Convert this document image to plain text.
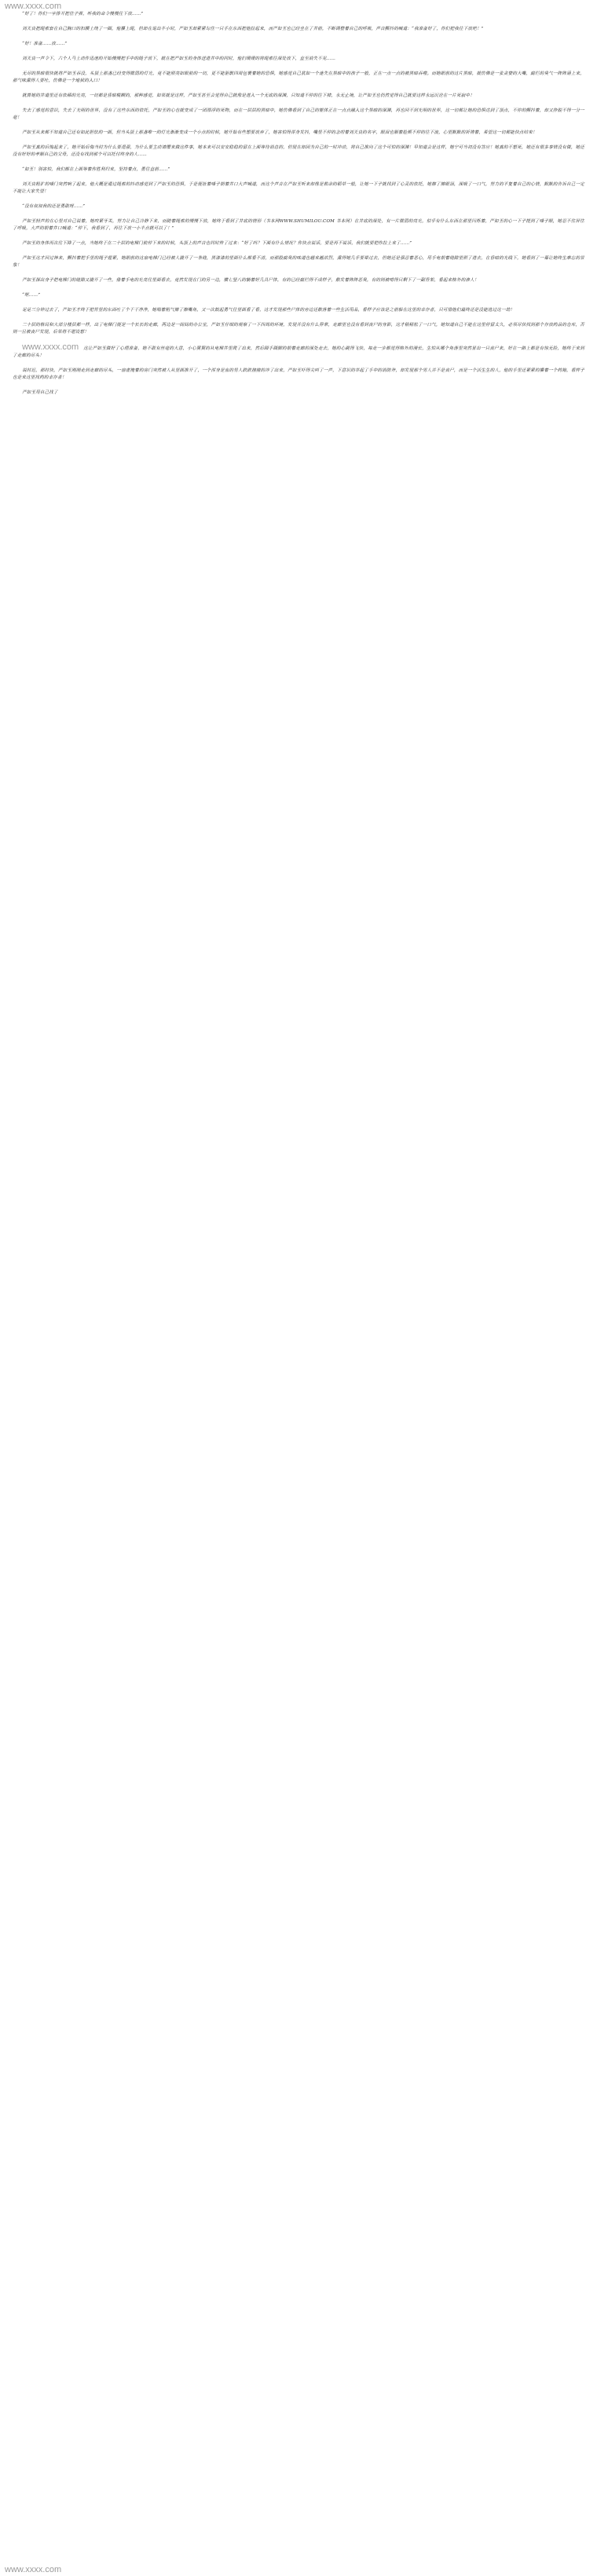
www.xxxx.com

“好了！你们一字排开把住子弹，听我的命令慢慢往下放……”

刘天良把绳索套在自己胸口的扣腰上绕了一圈，他攥上绳，但却在退出半小时，严如玉却紧紧勾住一只手在东西把他拉起来，而严如玉也已经坐在了井前，不断调整着自己的呼吸，声音颤抖的喊道：“我准备好了，你们把我往下放吧！”

“好！准备……放……”

刘天良一声令下，六个人马上动作迅速的开始慢慢把手中的绳子放下，就在把严如玉的身体送进井中的同时，他们缓缓的将绳索往深处放下，直至消失不见……

无尽的黑暗很快就将严如玉吞没，头顶上那盏已经变得微弱的灯光，竟不能照亮如眼前的一切，更不能驱散四周包裹着她的恐惧，她感觉自己犹如一个迷失在黑暗中的孩子一般，正在一点一点的被黑暗吞噬。而她眼前的这片黑暗，就仿佛是一张贪婪的大嘴，腐烂的臭气一阵阵涌上来，那气味熏得人要吐，仿佛是一个地狱的入口！

就算她的井道里还有依稀的光亮，一切都是昏暗模糊的，那种感觉，如果就是这样，严如玉甚至会觉得自己就像是进入一个无底的深渊，只知道不停的往下掉，永无止境，让严如玉也仍然觉得自己就要这样永远沉沦在一片死寂中！

失去了感觉的意识，失去了光明的世界，没有了这些东西的依托，严如玉的心也就变成了一团漂浮的死物，而在一层层的黑暗中，她仿佛看到了自己的躯体正在一点点融入这个黑暗的深渊，再也回不到光明的世界，这一切都让她的恐惧达到了顶点，不停的颤抖着，却又挣脱不得一分一毫！

严如玉从来都不知道自己还有如此胆怯的一面，但当头顶上那盏唯一的灯光渐渐变成一个小点的时候，她开始有些想要放弃了，她害怕得浑身发抖，嘴里不停的念叨着刘天良的名字，眼泪也顺着脸颊不停的往下流，心里默默的祈祷着，希望这一切都能快点结束！

严如玉真的后悔起来了，她开始后悔当时为什么要逞强，为什么要主动请缨来做这件事，她本来可以安安稳稳的留在上面等待消息的，但现在却因为自己的一时冲动，将自己推向了这个可怕的深渊！早知道会是这样，她宁可当初没有答应！她真的不想死，她还有很多事情没有做，她还没有好好的孝顺自己的父母，还没有找到那个可以托付终身的人……

“如玉！别害怕，我们都在上面等着你胜利归来，坚持着点，勇往直前……”

刘天良粗犷的嗓门突然响了起来，他大概是通过绳索的抖动感觉到了严如玉的恐惧，于是便扯着嗓子朝着井口大声喊道，而这个声音在严如玉听来却像是救命的稻草一般，让她一下子就找到了心灵的依托，她擦了擦眼泪，深吸了一口气，努力的平复着自己的心情，默默的告诉自己一定不能让大家失望！

“没有叔叔我的还是勇敢呀……”

严如玉轻声的在心里对自己说着，她咬紧牙关，努力让自己冷静下来，而随着绳索的慢慢下放，她终于看到了井底的情形（书本网WWW.SHUMILOU.COM 书本网）在井底的深处，有一片微弱的亮光，似乎有什么东西在那里闪烁着，严如玉的心一下子提到了嗓子眼，她忍不住屏住了呼吸，大声的朝着井口喊道：“停下，我看到了，再往下放一小半点就可以了！”

严如玉的身体再次往下降了一点，当她终于在二十层的电梯门前停下来的时候，头顶上的声音也同时传了过来：“好了吗？下面有什么情况？你快点说话，要是再不说话，我们就要把你拉上来了……”

严如玉这才回过神来，颤抖着把手里的绳子握紧，她眼前的这扇电梯门已经被人撬开了一条缝，黑漆漆的里面什么都看不清，而那股腐臭的味道也越来越浓烈，熏得她几乎要晕过去，但她还是强忍着恶心，用手电朝着缝隙里照了进去，在昏暗的光线下，她看到了一幕让她终生难忘的景象！

严如玉探出身子把电梯门的缝隙又撬开了一些，借着手电的光亮往里面看去，竟然发现在门的另一边，横七竖八的躺着好几具尸体，有的已经腐烂得不成样子，散发着阵阵恶臭，有的则被啃得只剩下了一副骨架，看起来格外的渗人！

“呕……”

足足三分钟过去了，严如玉才终于把胃里的东西吐了个干干净净，她喘着粗气擦了擦嘴角，又一次鼓起勇气往里面看了看，这才发现那些尸体的旁边还散落着一些生活用品，看样子应该是之前躲在这里的幸存者，只可惜他们最终还是没能逃过这一劫！

二十层的格局和大部分楼层都一样，出了电梯门便是一个长长的走廊，两边是一间间的办公室，严如玉仔细的观察了一下四周的环境，发现并没有什么异常，走廊里也没有看到丧尸的身影，这才稍稍松了一口气，她知道自己不能在这里停留太久，必须尽快找到那个存放药品的仓库，否则一旦被丧尸发现，后果将不堪设想！

www.xxxx.com 这让严如玉做好了心理准备，她不敢有丝毫的大意，小心翼翼的从电梯井里爬了出来，然后蹑手蹑脚的朝着走廊的深处走去，她的心跳得飞快，每走一步都觉得格外的漫长，生怕从哪个角落里突然冒出一只丧尸来，好在一路上都是有惊无险，她终于来到了走廊的尽头！

说时迟，那时快，严如玉刚刚走到走廊的尽头，一扇虚掩着的房门突然被人从里面推开了，一个浑身是血的男人跌跌撞撞的冲了出来，严如玉吓得尖叫了一声，下意识的举起了手中的消防斧，却发现那个男人并不是丧尸，而是一个活生生的人，他的手里还紧紧的攥着一个药箱，看样子也是来这里找药的幸存者！

严如玉用自己找了

www.xxxx.com
